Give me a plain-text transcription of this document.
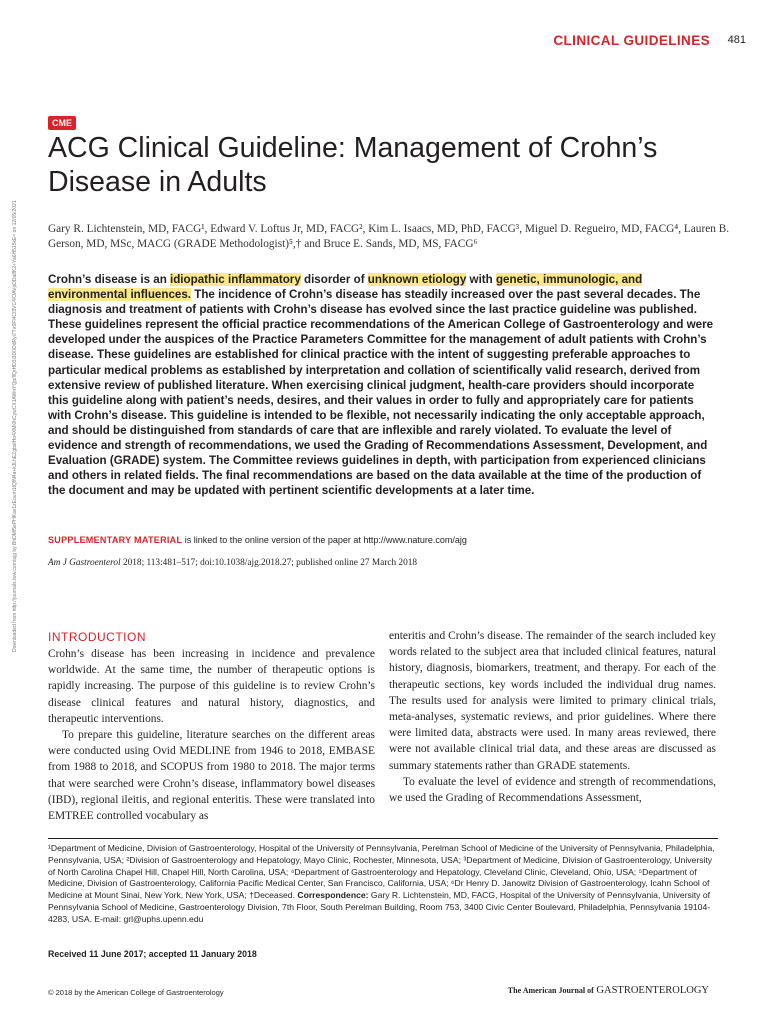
CLINICAL GUIDELINES	481
CME
ACG Clinical Guideline: Management of Crohn’s Disease in Adults
Gary R. Lichtenstein, MD, FACG¹, Edward V. Loftus Jr, MD, FACG², Kim L. Isaacs, MD, PhD, FACG³, Miguel D. Regueiro, MD, FACG⁴, Lauren B. Gerson, MD, MSc, MACG (GRADE Methodologist)⁵,† and Bruce E. Sands, MD, MS, FACG⁶
Crohn’s disease is an idiopathic inflammatory disorder of unknown etiology with genetic, immunologic, and environmental influences. The incidence of Crohn’s disease has steadily increased over the past several decades. The diagnosis and treatment of patients with Crohn’s disease has evolved since the last practice guideline was published. These guidelines represent the official practice recommendations of the American College of Gastroenterology and were developed under the auspices of the Practice Parameters Committee for the management of adult patients with Crohn’s disease. These guidelines are established for clinical practice with the intent of suggesting preferable approaches to particular medical problems as established by interpretation and collation of scientifically valid research, derived from extensive review of published literature. When exercising clinical judgment, health-care providers should incorporate this guideline along with patient’s needs, desires, and their values in order to fully and appropriately care for patients with Crohn’s disease. This guideline is intended to be flexible, not necessarily indicating the only acceptable approach, and should be distinguished from standards of care that are inflexible and rarely violated. To evaluate the level of evidence and strength of recommendations, we used the Grading of Recommendations Assessment, Development, and Evaluation (GRADE) system. The Committee reviews guidelines in depth, with participation from experienced clinicians and others in related fields. The final recommendations are based on the data available at the time of the production of the document and may be updated with pertinent scientific developments at a later time.
SUPPLEMENTARY MATERIAL is linked to the online version of the paper at http://www.nature.com/ajg
Am J Gastroenterol 2018; 113:481–517; doi:10.1038/ajg.2018.27; published online 27 March 2018
Downloaded from http://journals.lww.com/ajg by BhDMf5ePHKav1zEoum1tQfN4a+kJLhEZgbsIHo4XMi0hCywCX1AWnYQp/IlQrHD3i3D0OdRyi7TvSFl4Cf3VC4/OAVpDDa8K2+Ya6H515kE= on 12/05/2021	INTRODUCTION

Crohn’s disease has been increasing in incidence and prevalence worldwide. At the same time, the number of therapeutic options is rapidly increasing. The purpose of this guideline is to review Crohn’s disease clinical features and natural history, diagnostics, and therapeutic interventions.

To prepare this guideline, literature searches on the different areas were conducted using Ovid MEDLINE from 1946 to 2018, EMBASE from 1988 to 2018, and SCOPUS from 1980 to 2018. The major terms that were searched were Crohn’s disease, inflammatory bowel diseases (IBD), regional ileitis, and regional enteritis. These were translated into EMTREE controlled vocabulary as

enteritis and Crohn’s disease. The remainder of the search included key words related to the subject area that included clinical features, natural history, diagnosis, biomarkers, treatment, and therapy. For each of the therapeutic sections, key words included the individual drug names. The results used for analysis were limited to primary clinical trials, meta-analyses, systematic reviews, and prior guidelines. Where there were limited data, abstracts were used. In many areas reviewed, there were not available clinical trial data, and these areas are discussed as summary statements rather than GRADE statements.

To evaluate the level of evidence and strength of recommendations, we used the Grading of Recommendations Assessment,

¹Department of Medicine, Division of Gastroenterology, Hospital of the University of Pennsylvania, Perelman School of Medicine of the University of Pennsylvania, Philadelphia, Pennsylvania, USA; ²Division of Gastroenterology and Hepatology, Mayo Clinic, Rochester, Minnesota, USA; ³Department of Medicine, Division of Gastroenterology, University of North Carolina Chapel Hill, Chapel Hill, North Carolina, USA; ⁴Department of Gastroenterology and Hepatology, Cleveland Clinic, Cleveland, Ohio, USA; ⁵Department of Medicine, Division of Gastroenterology, California Pacific Medical Center, San Francisco, California, USA; ⁶Dr Henry D. Janowitz Division of Gastroenterology, Icahn School of Medicine at Mount Sinai, New York, New York, USA; †Deceased. Correspondence: Gary R. Lichtenstein, MD, FACG, Hospital of the University of Pennsylvania, University of Pennsylvania School of Medicine, Gastroenterology Division, 7th Floor, South Perelman Building, Room 753, 3400 Civic Center Boulevard, Philadelphia, Pennsylvania 19104-4283, USA. E-mail: grl@uphs.upenn.edu
Received 11 June 2017; accepted 11 January 2018
© 2018 by the American College of Gastroenterology	The American Journal of GASTROENTEROLOGY
